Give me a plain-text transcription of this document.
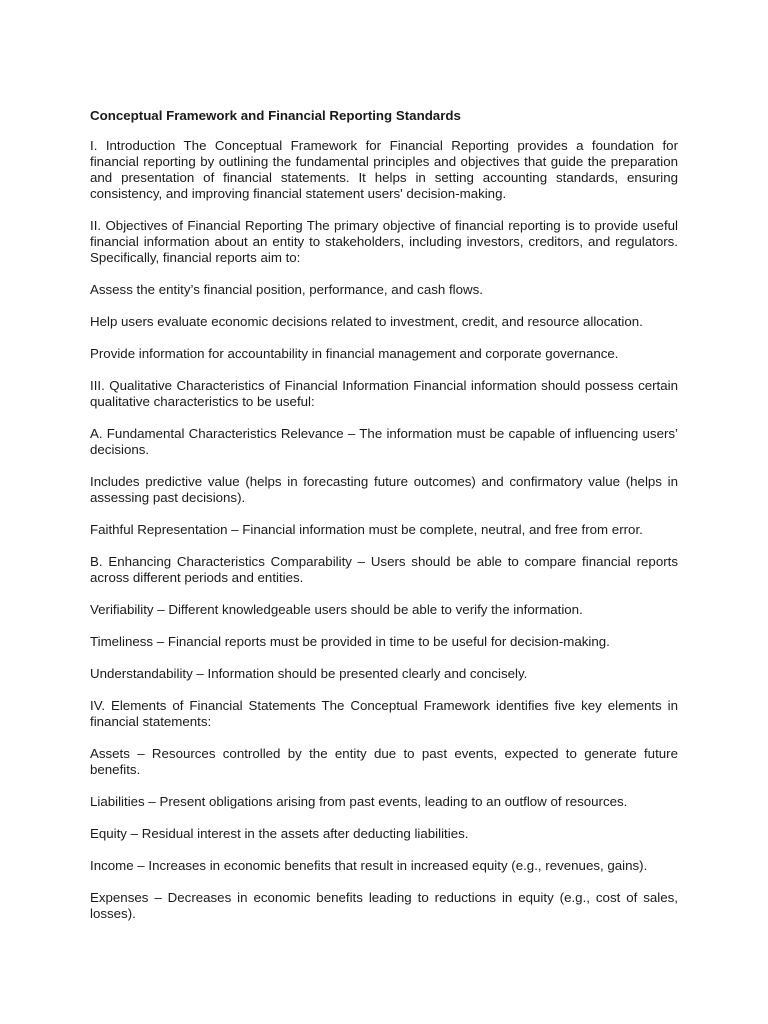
Conceptual Framework and Financial Reporting Standards

I. Introduction The Conceptual Framework for Financial Reporting provides a foundation for financial reporting by outlining the fundamental principles and objectives that guide the preparation and presentation of financial statements. It helps in setting accounting standards, ensuring consistency, and improving financial statement users' decision-making.

II. Objectives of Financial Reporting The primary objective of financial reporting is to provide useful financial information about an entity to stakeholders, including investors, creditors, and regulators. Specifically, financial reports aim to:

Assess the entity’s financial position, performance, and cash flows.

Help users evaluate economic decisions related to investment, credit, and resource allocation.

Provide information for accountability in financial management and corporate governance.

III. Qualitative Characteristics of Financial Information Financial information should possess certain qualitative characteristics to be useful:

A. Fundamental Characteristics Relevance – The information must be capable of influencing users’ decisions.

Includes predictive value (helps in forecasting future outcomes) and confirmatory value (helps in assessing past decisions).

Faithful Representation – Financial information must be complete, neutral, and free from error.

B. Enhancing Characteristics Comparability – Users should be able to compare financial reports across different periods and entities.

Verifiability – Different knowledgeable users should be able to verify the information.

Timeliness – Financial reports must be provided in time to be useful for decision-making.

Understandability – Information should be presented clearly and concisely.

IV. Elements of Financial Statements The Conceptual Framework identifies five key elements in financial statements:

Assets – Resources controlled by the entity due to past events, expected to generate future benefits.

Liabilities – Present obligations arising from past events, leading to an outflow of resources.

Equity – Residual interest in the assets after deducting liabilities.

Income – Increases in economic benefits that result in increased equity (e.g., revenues, gains).

Expenses – Decreases in economic benefits leading to reductions in equity (e.g., cost of sales, losses).
